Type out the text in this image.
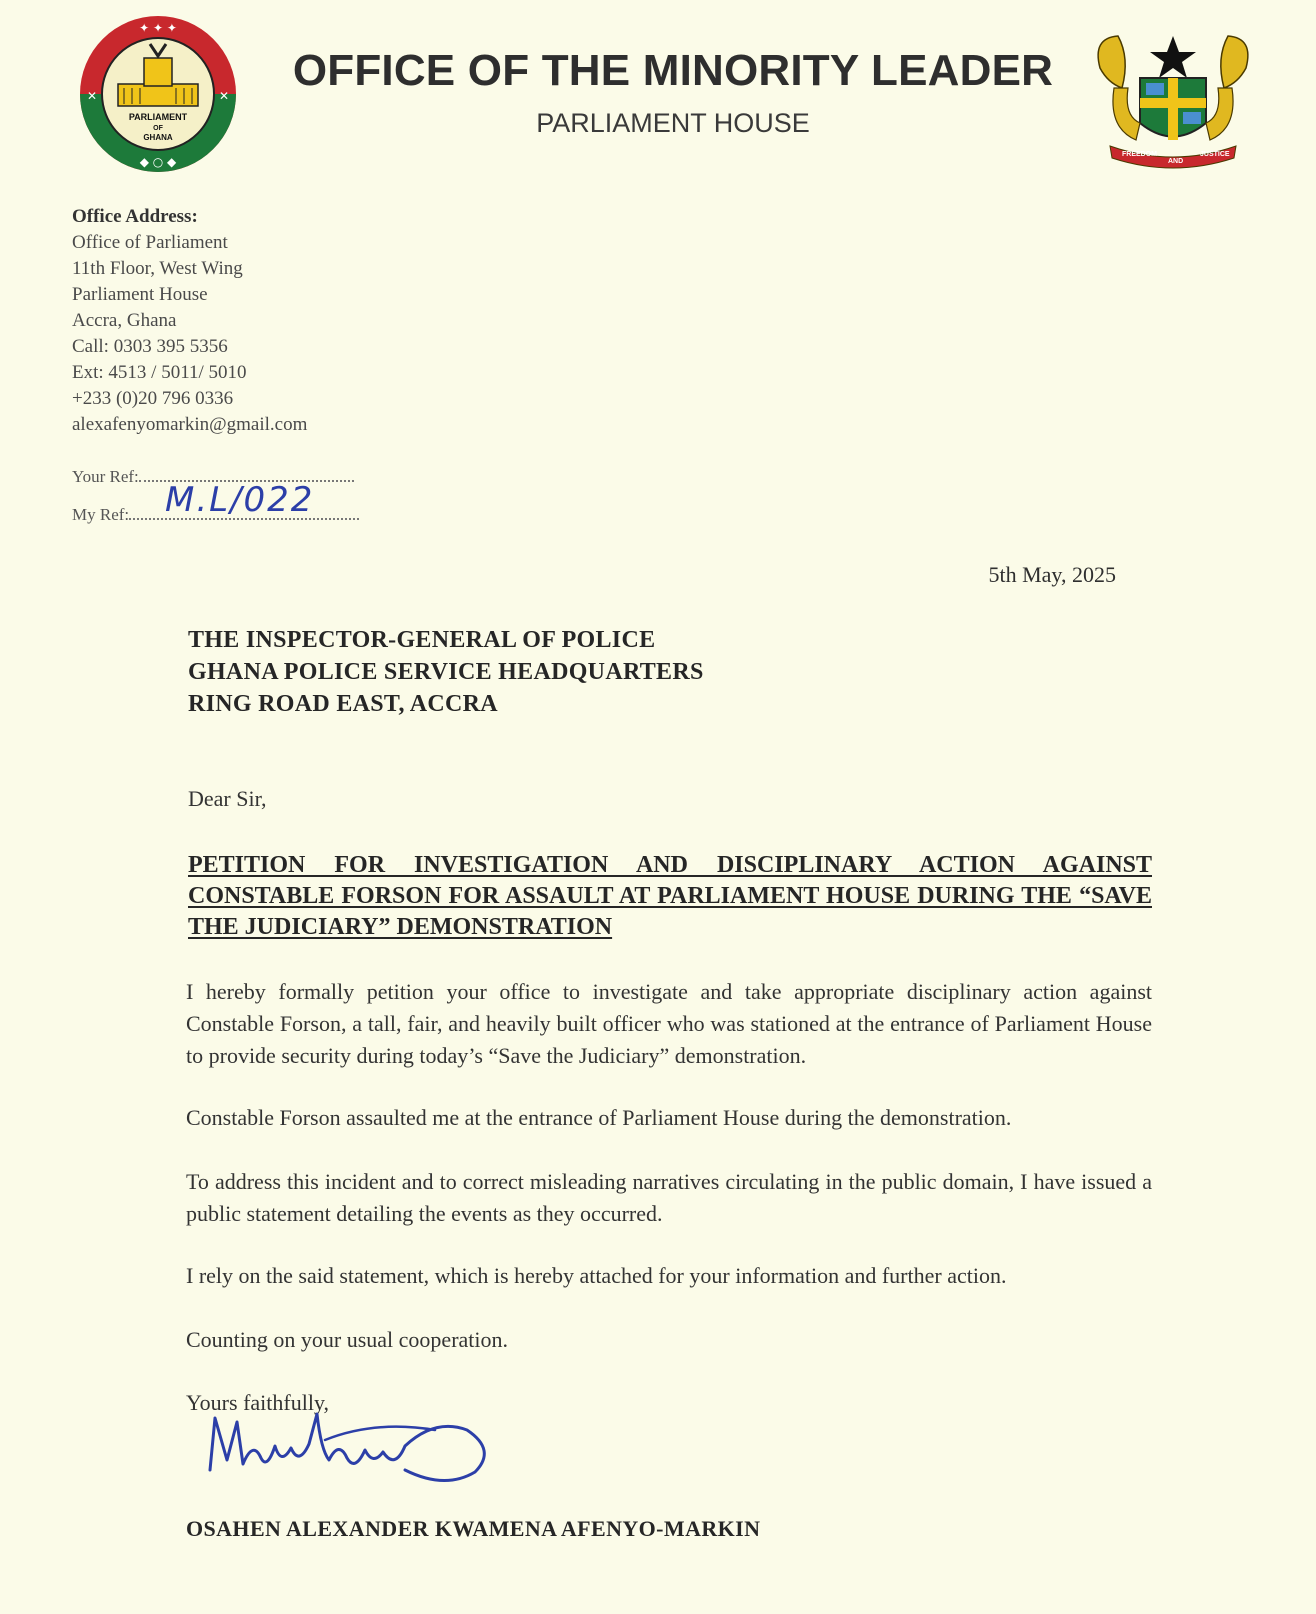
PARLIAMENT
OF
GHANA
✦ ✦ ✦
◆ ○ ◆
✕	✕
OFFICE OF THE MINORITY LEADER
PARLIAMENT HOUSE
FREEDOM
AND
JUSTICE
Office Address:
Office of Parliament
11th Floor, West Wing
Parliament House
Accra, Ghana
Call: 0303 395 5356
Ext: 4513 / 5011/ 5010
+233 (0)20 796 0336
alexafenyomarkin@gmail.com
Your Ref:
My Ref:	M.L/022
5th May, 2025
THE INSPECTOR-GENERAL OF POLICE
GHANA POLICE SERVICE HEADQUARTERS
RING ROAD EAST, ACCRA
Dear Sir,
PETITION FOR INVESTIGATION AND DISCIPLINARY ACTION AGAINST CONSTABLE FORSON FOR ASSAULT AT PARLIAMENT HOUSE DURING THE “SAVE THE JUDICIARY” DEMONSTRATION
I hereby formally petition your office to investigate and take appropriate disciplinary action against Constable Forson, a tall, fair, and heavily built officer who was stationed at the entrance of Parliament House to provide security during today’s “Save the Judiciary” demonstration.
Constable Forson assaulted me at the entrance of Parliament House during the demonstration.
To address this incident and to correct misleading narratives circulating in the public domain, I have issued a public statement detailing the events as they occurred.
I rely on the said statement, which is hereby attached for your information and further action.
Counting on your usual cooperation.
Yours faithfully,
OSAHEN ALEXANDER KWAMENA AFENYO-MARKIN
